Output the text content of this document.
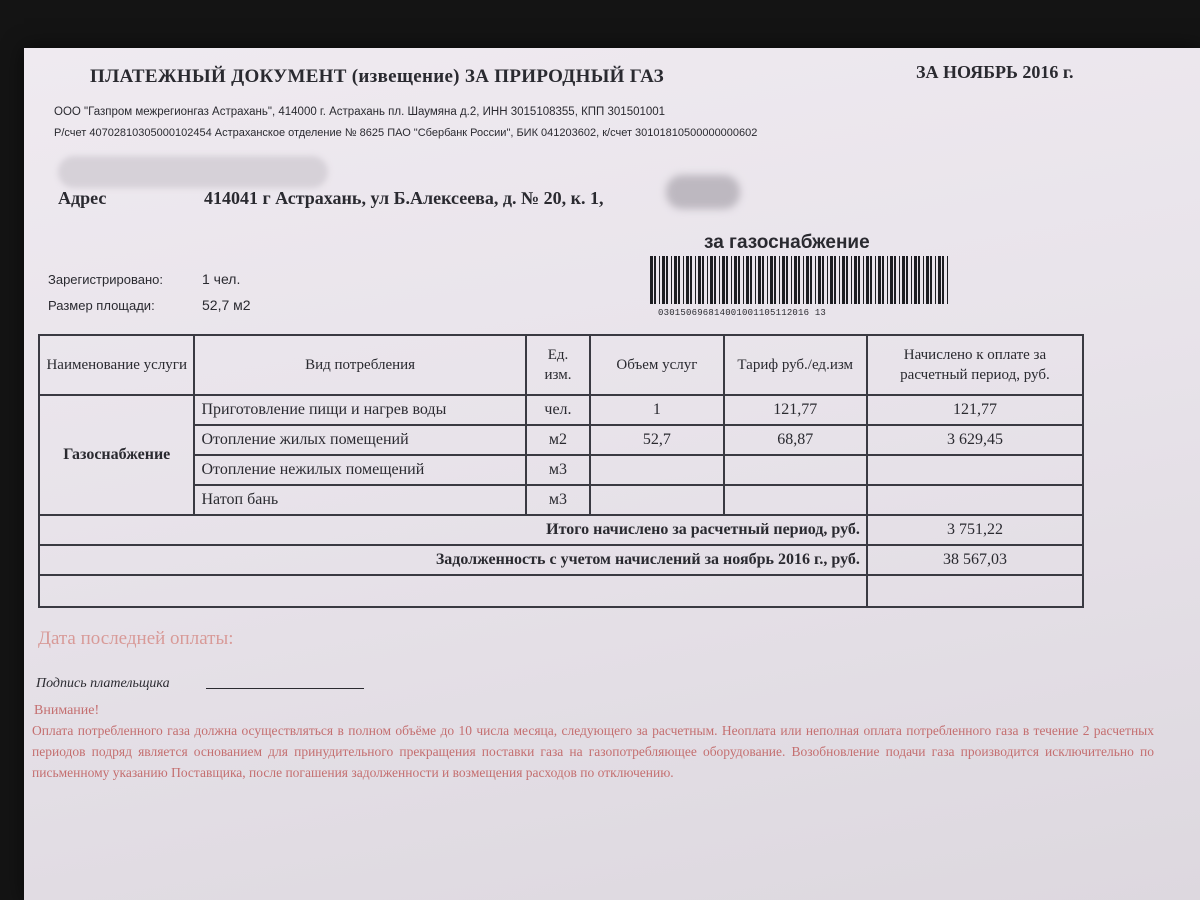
ПЛАТЕЖНЫЙ ДОКУМЕНТ (извещение) ЗА ПРИРОДНЫЙ ГАЗ	ЗА НОЯБРЬ 2016 г.
ООО "Газпром межрегионгаз Астрахань", 414000 г. Астрахань пл. Шаумяна д.2, ИНН 3015108355, КПП 301501001
Р/счет 40702810305000102454 Астраханское отделение № 8625 ПАО "Сбербанк России", БИК 041203602, к/счет 30101810500000000602
Адрес	414041 г Астрахань, ул Б.Алексеева, д. № 20, к. 1,
Зарегистрировано:	1 чел.
Размер площади:	52,7 м2
за газоснабжение
030150696814001001105112016 13
Наименование услуги	Вид потребления	Ед. изм.	Объем услуг	Тариф руб./ед.изм	Начислено к оплате за расчетный период, руб.
Газоснабжение	Приготовление пищи и нагрев воды	чел.	1	121,77	121,77
	Отопление жилых помещений	м2	52,7	68,87	3 629,45
	Отопление нежилых помещений	м3			
	Натоп бань	м3			
Итого начислено за расчетный период, руб.					3 751,22
Задолженность с учетом начислений за ноябрь 2016 г., руб.					38 567,03

Дата последней оплаты:
Подпись плательщика
Внимание!
Оплата потребленного газа должна осуществляться в полном объёме до 10 числа месяца, следующего за расчетным. Неоплата или неполная оплата потребленного газа в течение 2 расчетных периодов подряд является основанием для принудительного прекращения поставки газа на газопотребляющее оборудование. Возобновление подачи газа производится исключительно по письменному указанию Поставщика, после погашения задолженности и возмещения расходов по отключению.
